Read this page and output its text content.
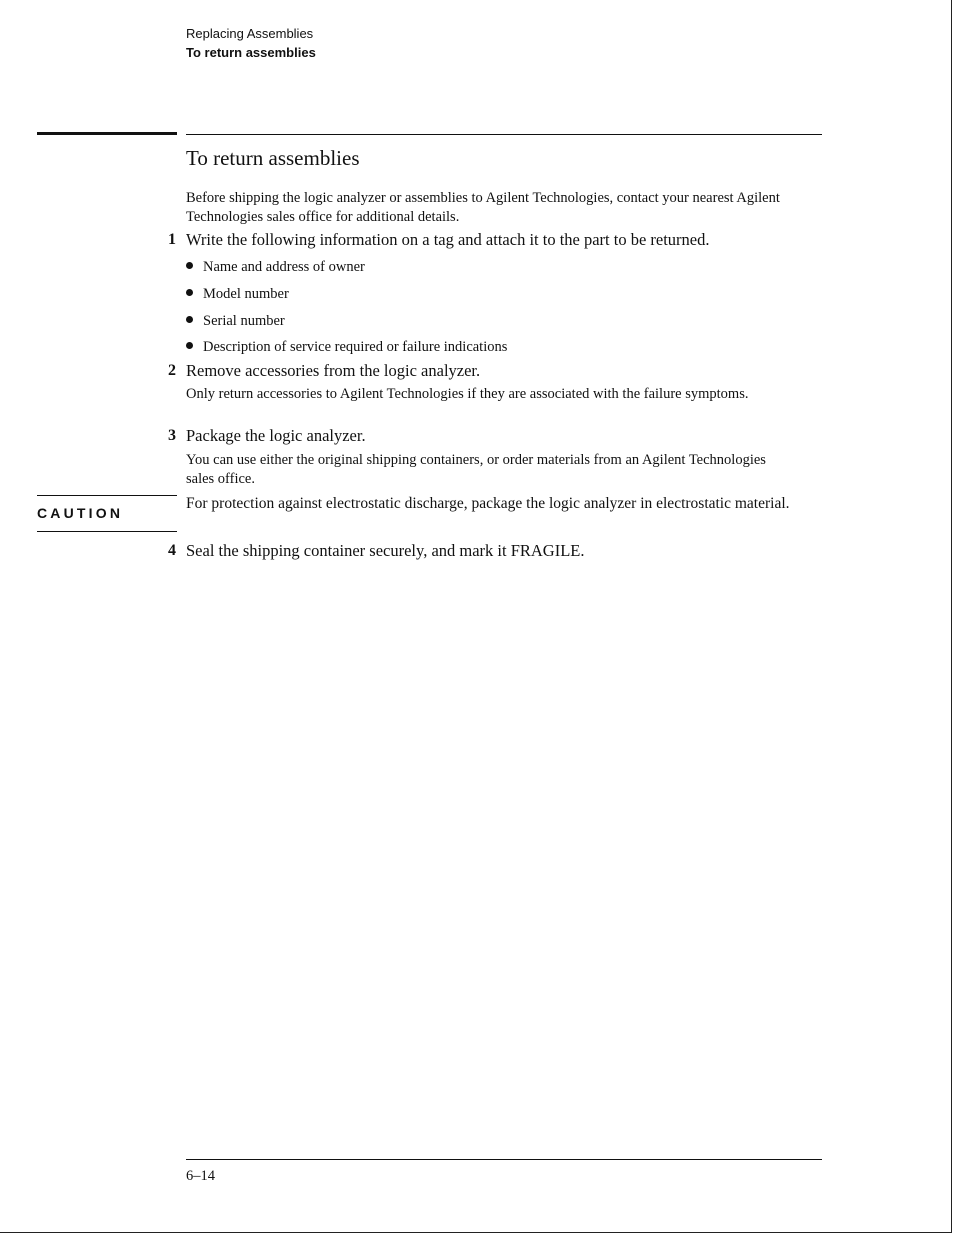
Replacing Assemblies
To return assemblies
To return assemblies

Before shipping the logic analyzer or assemblies to Agilent Technologies, contact your nearest Agilent Technologies sales office for additional details.

1 Write the following information on a tag and attach it to the part to be returned.

Name and address of owner
Model number
Serial number
Description of service required or failure indications
2 Remove accessories from the logic analyzer.

Only return accessories to Agilent Technologies if they are associated with the failure symptoms.

3 Package the logic analyzer.

You can use either the original shipping containers, or order materials from an Agilent Technologies sales office.

CAUTION

For protection against electrostatic discharge, package the logic analyzer in electrostatic material.

4 Seal the shipping container securely, and mark it FRAGILE.

6–14
